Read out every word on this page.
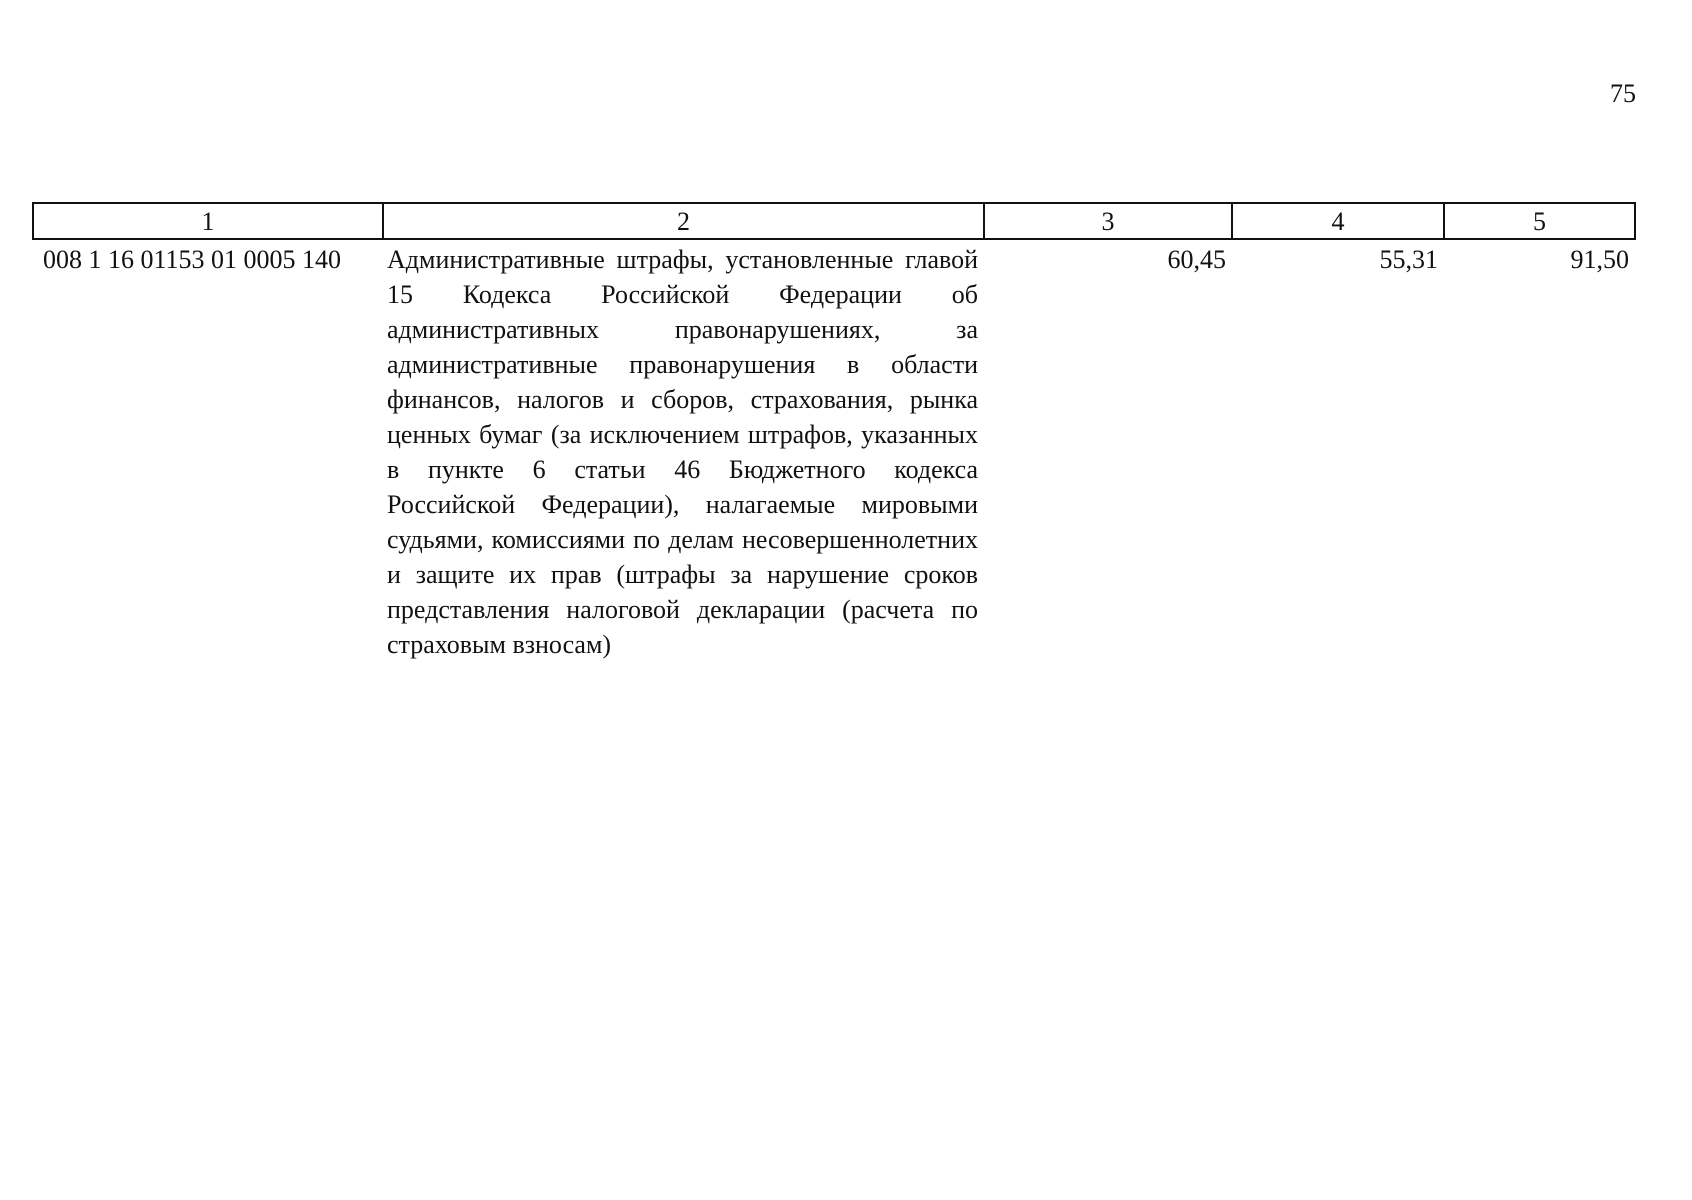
75
1	2	3	4	5
008 1 16 01153 01 0005 140	Административные штрафы, установленные главой 15 Кодекса Российской Федерации об административных правонарушениях, за административные правонарушения в области финансов, налогов и сборов, страхования, рынка ценных бумаг (за исключением штрафов, указанных в пункте 6 статьи 46 Бюджетного кодекса Российской Федерации), налагаемые мировыми судьями, комиссиями по делам несовершеннолетних и защите их прав (штрафы за нарушение сроков представления налоговой декларации (расчета по страховым взносам)	60,45	55,31	91,50
